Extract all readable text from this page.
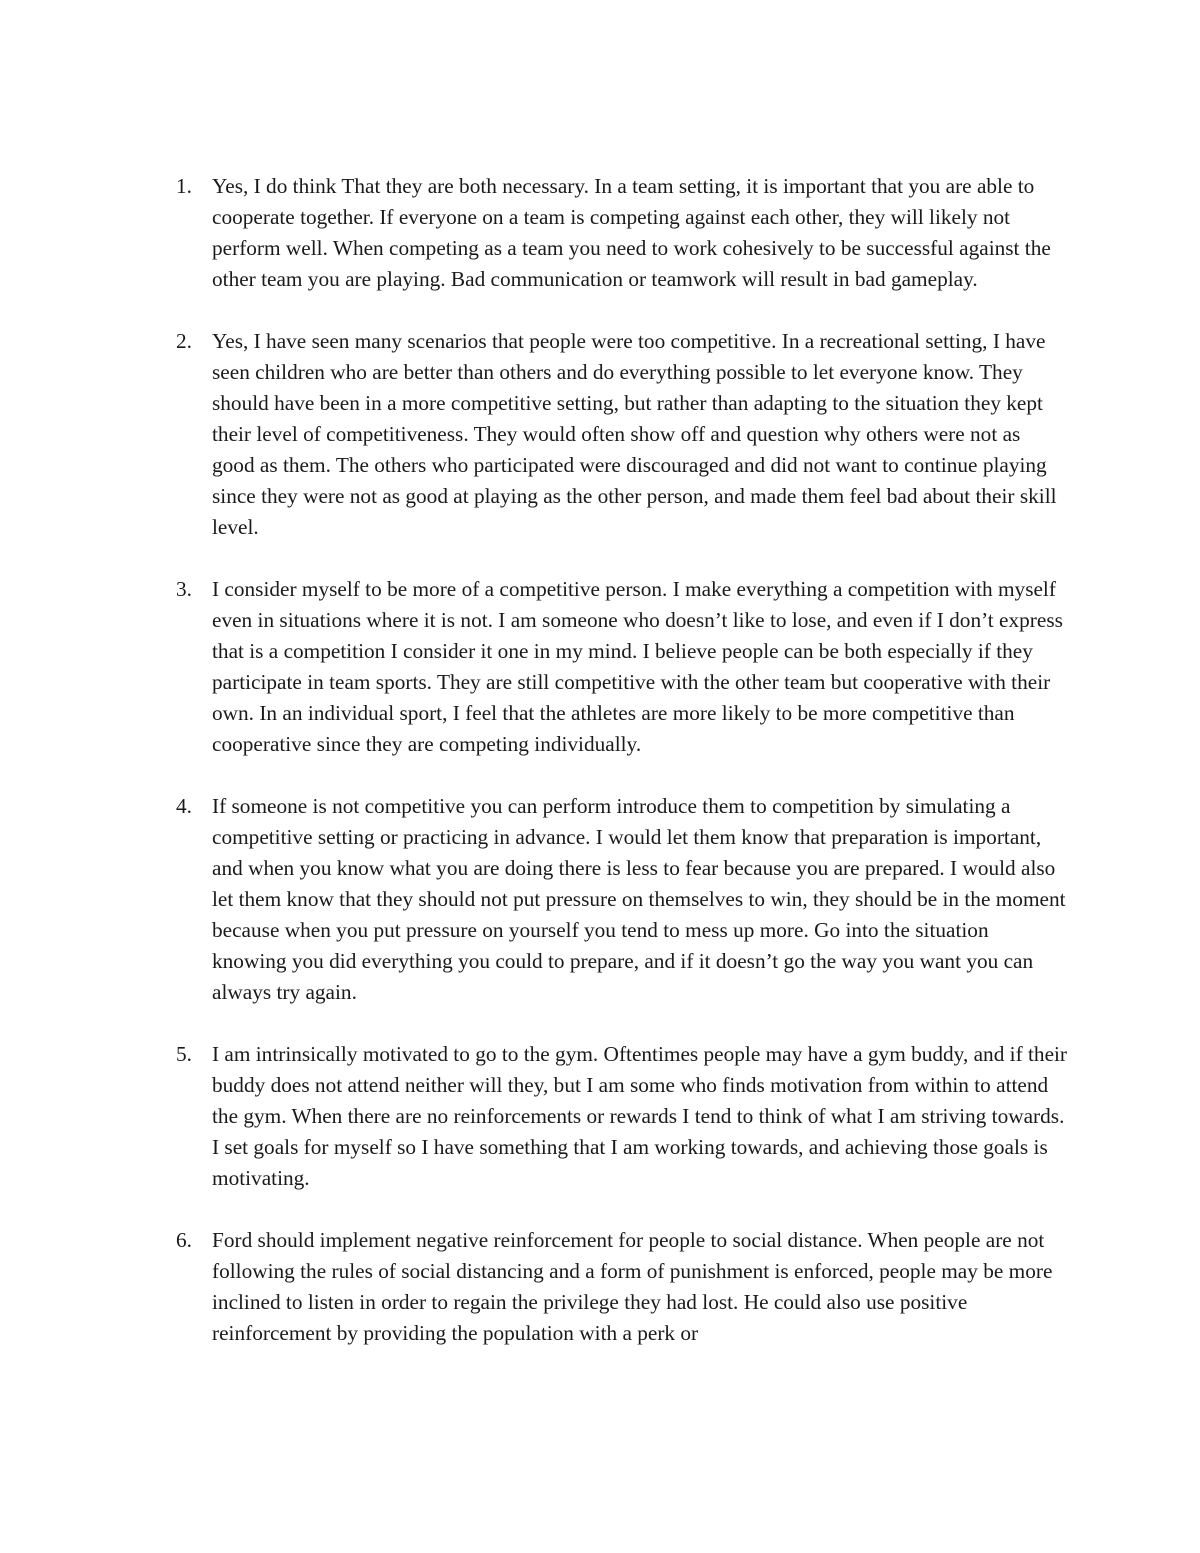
1. Yes, I do think That they are both necessary. In a team setting, it is important that you are able to cooperate together. If everyone on a team is competing against each other, they will likely not perform well. When competing as a team you need to work cohesively to be successful against the other team you are playing. Bad communication or teamwork will result in bad gameplay.
2. Yes, I have seen many scenarios that people were too competitive. In a recreational setting, I have seen children who are better than others and do everything possible to let everyone know. They should have been in a more competitive setting, but rather than adapting to the situation they kept their level of competitiveness. They would often show off and question why others were not as good as them. The others who participated were discouraged and did not want to continue playing since they were not as good at playing as the other person, and made them feel bad about their skill level.
3. I consider myself to be more of a competitive person. I make everything a competition with myself even in situations where it is not. I am someone who doesn’t like to lose, and even if I don’t express that is a competition I consider it one in my mind. I believe people can be both especially if they participate in team sports. They are still competitive with the other team but cooperative with their own. In an individual sport, I feel that the athletes are more likely to be more competitive than cooperative since they are competing individually.
4. If someone is not competitive you can perform introduce them to competition by simulating a competitive setting or practicing in advance. I would let them know that preparation is important, and when you know what you are doing there is less to fear because you are prepared. I would also let them know that they should not put pressure on themselves to win, they should be in the moment because when you put pressure on yourself you tend to mess up more. Go into the situation knowing you did everything you could to prepare, and if it doesn’t go the way you want you can always try again.
5. I am intrinsically motivated to go to the gym. Oftentimes people may have a gym buddy, and if their buddy does not attend neither will they, but I am some who finds motivation from within to attend the gym. When there are no reinforcements or rewards I tend to think of what I am striving towards. I set goals for myself so I have something that I am working towards, and achieving those goals is motivating.
6. Ford should implement negative reinforcement for people to social distance. When people are not following the rules of social distancing and a form of punishment is enforced, people may be more inclined to listen in order to regain the privilege they had lost. He could also use positive reinforcement by providing the population with a perk or
